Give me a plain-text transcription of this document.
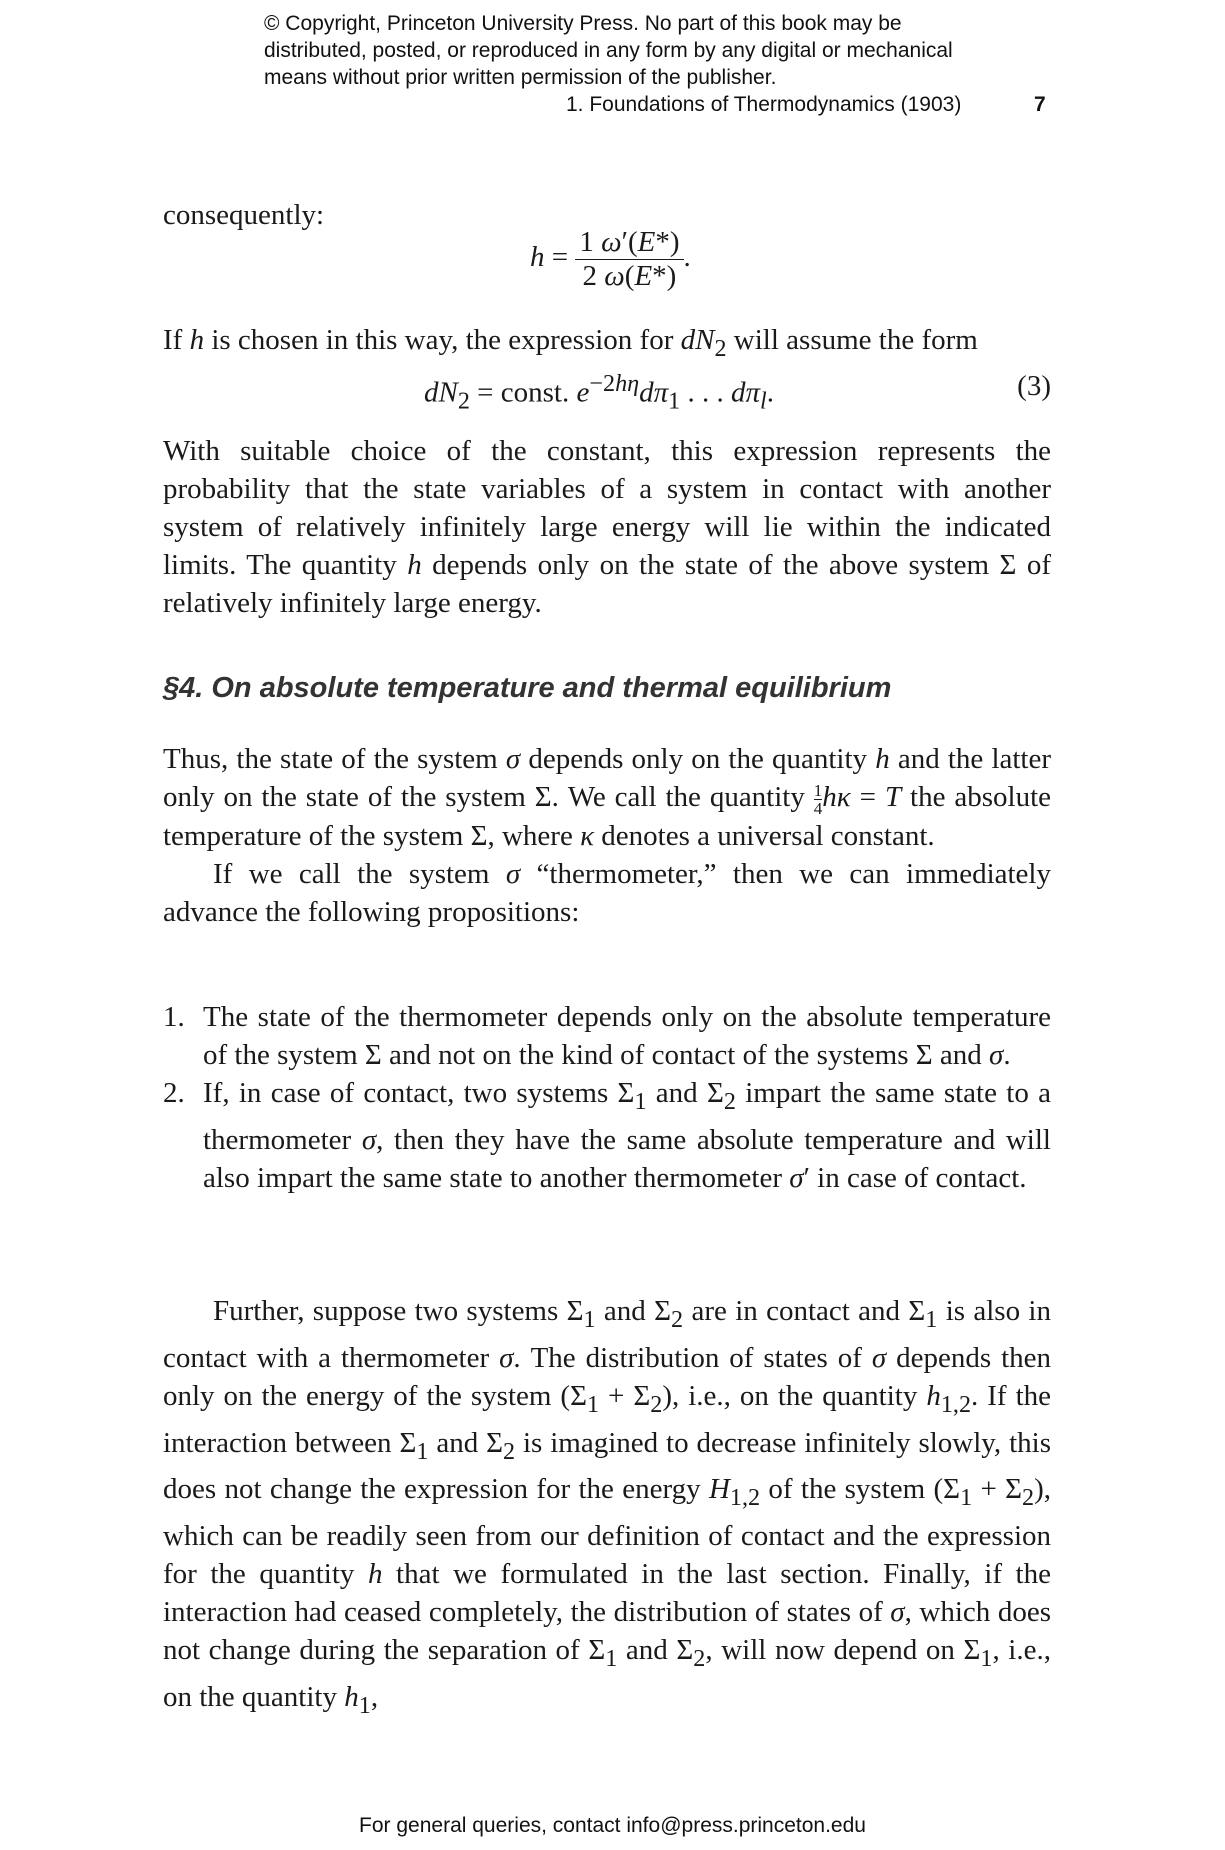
© Copyright, Princeton University Press. No part of this book may be distributed, posted, or reproduced in any form by any digital or mechanical means without prior written permission of the publisher.
1. Foundations of Thermodynamics (1903)	7
consequently:
$h = \frac{1 \omega'(E*)}{2 \omega(E*)}$ .
If h is chosen in this way, the expression for $dN_2$ will assume the form
$dN_2$ = const. $e^{-2h\eta}d\pi_1$ . . . $d\pi_l$.	(3)

With suitable choice of the constant, this expression represents the probability that the state variables of a system in contact with another system of relatively infinitely large energy will lie within the indicated limits. The quantity h depends only on the state of the above system Σ of relatively infinitely large energy.

§4. On absolute temperature and thermal equilibrium

Thus, the state of the system σ depends only on the quantity h and the latter only on the state of the system Σ. We call the quantity $\frac{1}{4}$ hκ = T the absolute temperature of the system Σ, where κ denotes a universal constant.

If we call the system σ “thermometer,” then we can immediately advance the following propositions:

1. The state of the thermometer depends only on the absolute temperature of the system Σ and not on the kind of contact of the systems Σ and σ.
2. If, in case of contact, two systems $\Sigma_1$ and $\Sigma_2$ impart the same state to a thermometer σ, then they have the same absolute temperature and will also impart the same state to another thermometer σ′ in case of contact.

Further, suppose two systems $\Sigma_1$ and $\Sigma_2$ are in contact and $\Sigma_1$ is also in contact with a thermometer σ. The distribution of states of σ depends then only on the energy of the system $(\Sigma_1 + \Sigma_2)$, i.e., on the quantity $h_{1,2}$. If the interaction between $\Sigma_1$ and $\Sigma_2$ is imagined to decrease infinitely slowly, this does not change the expression for the energy $H_{1,2}$ of the system $(\Sigma_1 + \Sigma_2)$, which can be readily seen from our definition of contact and the expression for the quantity h that we formulated in the last section. Finally, if the interaction had ceased completely, the distribution of states of σ, which does not change during the separation of $\Sigma_1$ and $\Sigma_2$, will now depend on $\Sigma_1$, i.e., on the quantity $h_1$,

For general queries, contact info@press.princeton.edu
